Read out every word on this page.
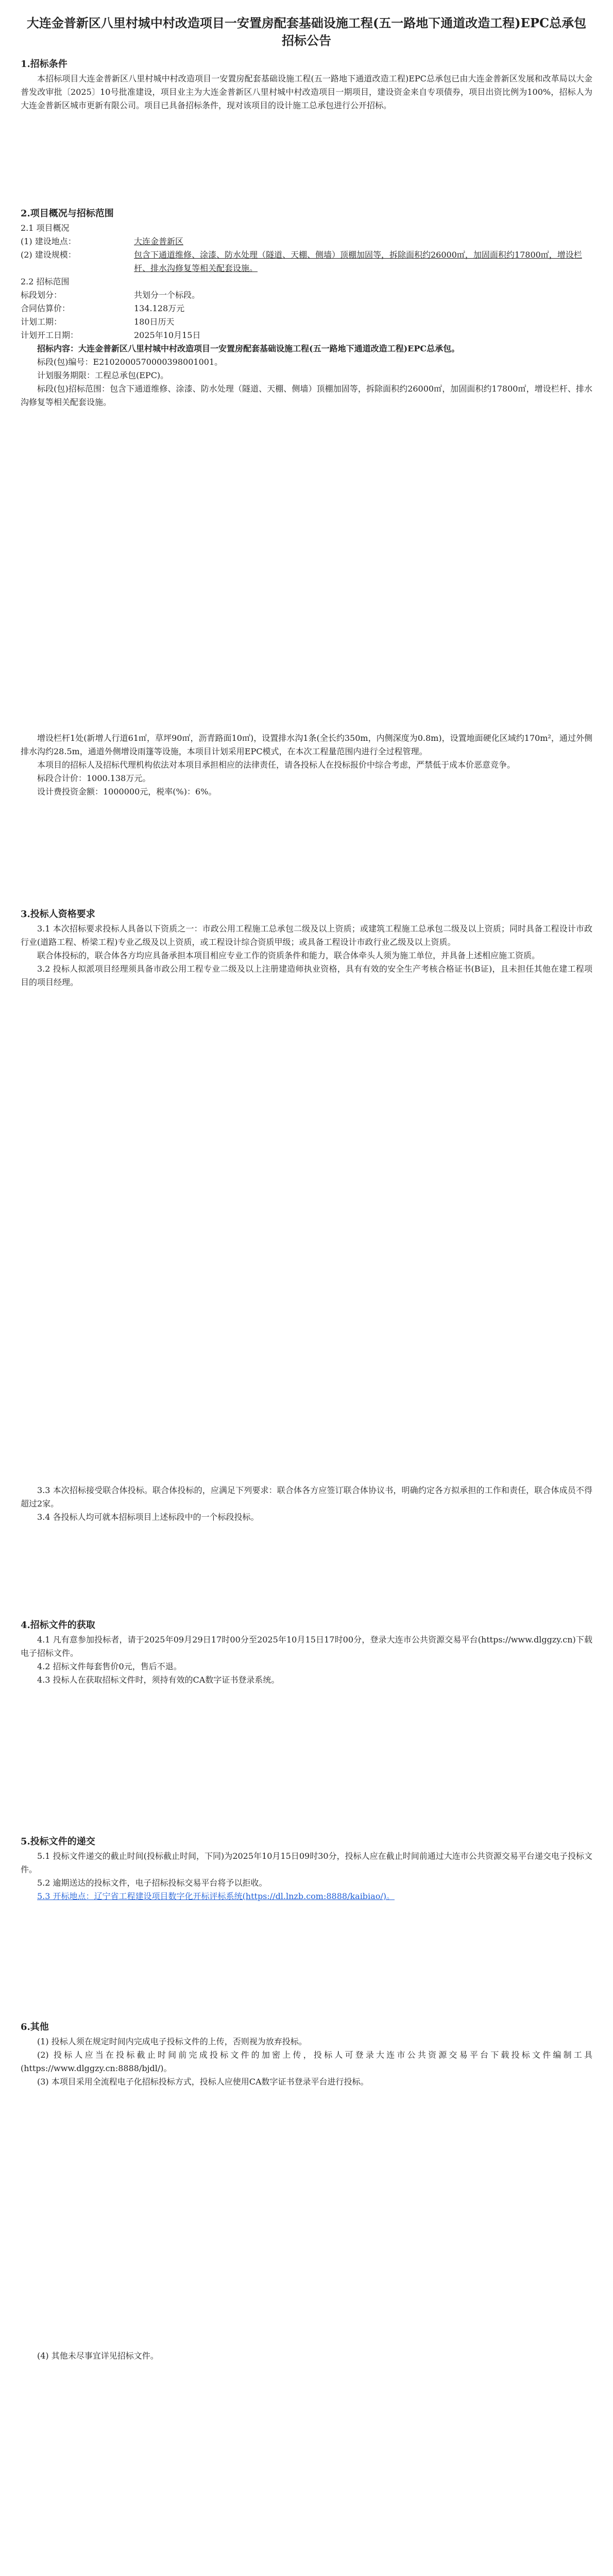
大连金普新区八里村城中村改造项目一安置房配套基础设施工程(五一路地下通道改造工程)EPC总承包招标公告
1.招标条件

本招标项目大连金普新区八里村城中村改造项目一安置房配套基础设施工程(五一路地下通道改造工程)EPC总承包已由大连金普新区发展和改革局以大金普发改审批〔2025〕10号批准建设，项目业主为大连金普新区八里村城中村改造项目一期项目，建设资金来自专项债券，项目出资比例为100%，招标人为大连金普新区城市更新有限公司。项目已具备招标条件，现对该项目的设计施工总承包进行公开招标。

2.项目概况与招标范围
2.1 项目概况
(1) 建设地点：	大连金普新区
(2) 建设规模：	包含下通道维修、涂漆、防水处理（隧道、天棚、侧墙）顶棚加固等，拆除面积约26000㎡，加固面积约17800㎡，增设栏杆、排水沟修复等相关配套设施。
2.2 招标范围
标段划分：	共划分一个标段。
合同估算价：	134.128万元
计划工期：	180日历天
计划开工日期：	2025年10月15日

招标内容：大连金普新区八里村城中村改造项目一安置房配套基础设施工程(五一路地下通道改造工程)EPC总承包。

标段(包)编号：E2102000570000398001001。

计划服务期限：工程总承包(EPC)。

标段(包)招标范围：包含下通道维修、涂漆、防水处理（隧道、天棚、侧墙）顶棚加固等，拆除面积约26000㎡，加固面积约17800㎡，增设栏杆、排水沟修复等相关配套设施。

增设栏杆1处(新增人行道61㎡，草坪90㎡，沥青路面10㎡)，设置排水沟1条(全长约350m，内侧深度为0.8m)，设置地面硬化区域约170m²，通过外侧排水沟约28.5m，通道外侧增设雨篷等设施，本项目计划采用EPC模式，在本次工程量范围内进行全过程管理。

本项目的招标人及招标代理机构依法对本项目承担相应的法律责任，请各投标人在投标报价中综合考虑，严禁低于成本价恶意竞争。

标段合计价：1000.138万元。

设计费投资金额：1000000元，税率(%)：6%。

3.投标人资格要求

3.1 本次招标要求投标人具备以下资质之一：市政公用工程施工总承包二级及以上资质；或建筑工程施工总承包二级及以上资质；同时具备工程设计市政行业(道路工程、桥梁工程)专业乙级及以上资质，或工程设计综合资质甲级；或具备工程设计市政行业乙级及以上资质。

联合体投标的，联合体各方均应具备承担本项目相应专业工作的资质条件和能力，联合体牵头人须为施工单位，并具备上述相应施工资质。

3.2 投标人拟派项目经理须具备市政公用工程专业二级及以上注册建造师执业资格，具有有效的安全生产考核合格证书(B证)，且未担任其他在建工程项目的项目经理。

3.3 本次招标接受联合体投标。联合体投标的，应满足下列要求：联合体各方应签订联合体协议书，明确约定各方拟承担的工作和责任，联合体成员不得超过2家。

3.4 各投标人均可就本招标项目上述标段中的一个标段投标。

4.招标文件的获取

4.1 凡有意参加投标者，请于2025年09月29日17时00分至2025年10月15日17时00分，登录大连市公共资源交易平台(https://www.dlggzy.cn)下载电子招标文件。

4.2 招标文件每套售价0元，售后不退。

4.3 投标人在获取招标文件时，须持有效的CA数字证书登录系统。

5.投标文件的递交

5.1 投标文件递交的截止时间(投标截止时间，下同)为2025年10月15日09时30分，投标人应在截止时间前通过大连市公共资源交易平台递交电子投标文件。

5.2 逾期送达的投标文件，电子招标投标交易平台将予以拒收。

5.3 开标地点：辽宁省工程建设项目数字化开标评标系统(https://dl.lnzb.com:8888/kaibiao/)。

6.其他

(1) 投标人须在规定时间内完成电子投标文件的上传，否则视为放弃投标。

(2) 投标人应当在投标截止时间前完成投标文件的加密上传，投标人可登录大连市公共资源交易平台下载投标文件编制工具(https://www.dlggzy.cn:8888/bjdl/)。

(3) 本项目采用全流程电子化招标投标方式，投标人应使用CA数字证书登录平台进行投标。

(4) 其他未尽事宜详见招标文件。
